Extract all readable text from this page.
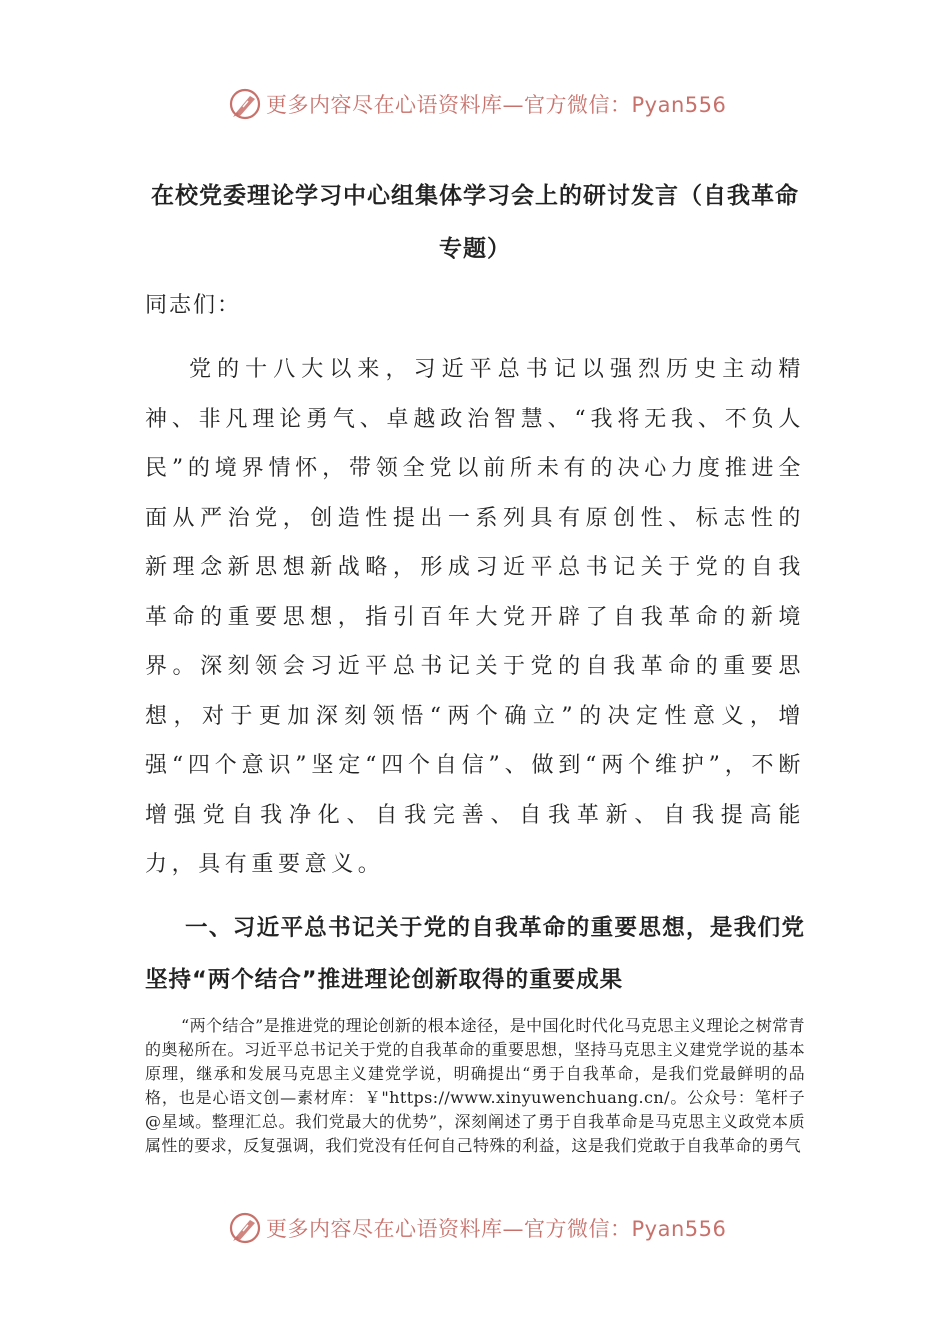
更多内容尽在心语资料库—官方微信：Pyan556
在校党委理论学习中心组集体学习会上的研讨发言（自我革命专题）
同志们：

党的十八大以来，习近平总书记以强烈历史主动精神、非凡理论勇气、卓越政治智慧、“我将无我、不负人民”的境界情怀，带领全党以前所未有的决心力度推进全面从严治党，创造性提出一系列具有原创性、标志性的新理念新思想新战略，形成习近平总书记关于党的自我革命的重要思想，指引百年大党开辟了自我革命的新境界。深刻领会习近平总书记关于党的自我革命的重要思想，对于更加深刻领悟“两个确立”的决定性意义，增强“四个意识”坚定“四个自信”、做到“两个维护”，不断增强党自我净化、自我完善、自我革新、自我提高能力，具有重要意义。

一、习近平总书记关于党的自我革命的重要思想，是我们党坚持“两个结合”推进理论创新取得的重要成果

“两个结合”是推进党的理论创新的根本途径，是中国化时代化马克思主义理论之树常青的奥秘所在。习近平总书记关于党的自我革命的重要思想，坚持马克思主义建党学说的基本原理，继承和发展马克思主义建党学说，明确提出“勇于自我革命，是我们党最鲜明的品格，也是心语文创—素材库：￥"https://www.xinyuwenchuang.cn/。公众号：笔杆子@星域。整理汇总。我们党最大的优势”，深刻阐述了勇于自我革命是马克思主义政党本质属性的要求，反复强调，我们党没有任何自己特殊的利益，这是我们党敢于自我革命的勇气

更多内容尽在心语资料库—官方微信：Pyan556
